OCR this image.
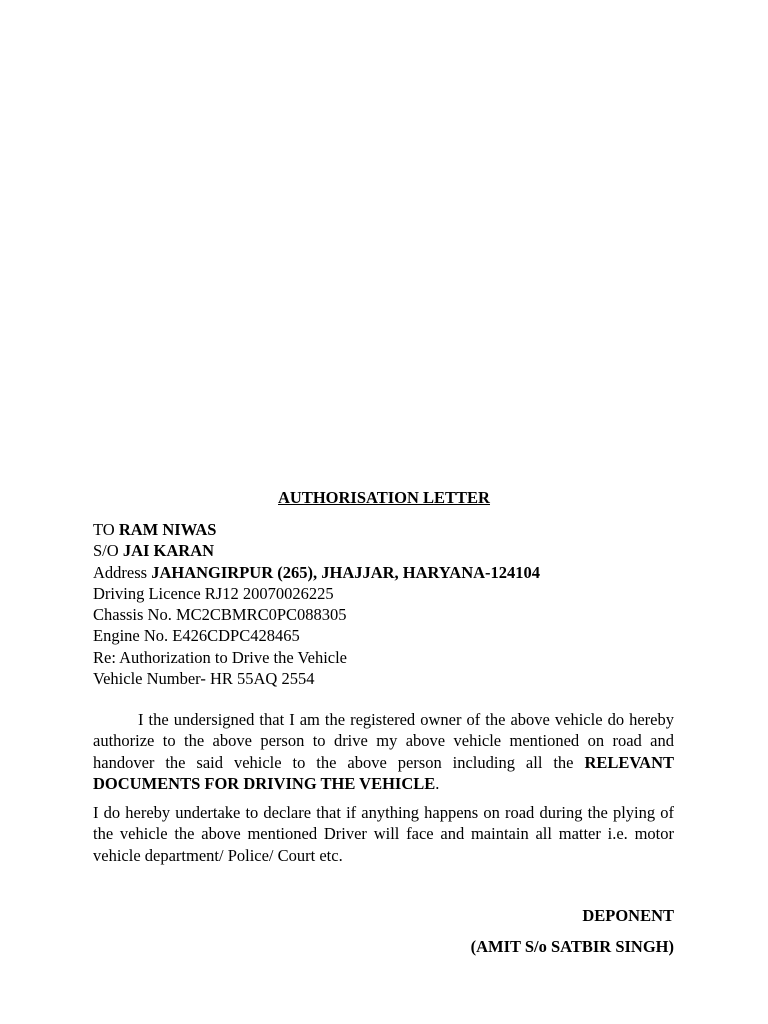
AUTHORISATION LETTER
TO RAM NIWAS
S/O JAI KARAN
Address JAHANGIRPUR (265), JHAJJAR, HARYANA-124104
Driving Licence RJ12 20070026225
Chassis No. MC2CBMRC0PC088305
Engine No. E426CDPC428465
Re: Authorization to Drive the Vehicle
Vehicle Number- HR 55AQ 2554
I the undersigned that I am the registered owner of the above vehicle do hereby authorize to the above person to drive my above vehicle mentioned on road and handover the said vehicle to the above person including all the RELEVANT DOCUMENTS FOR DRIVING THE VEHICLE.
I do hereby undertake to declare that if anything happens on road during the plying of the vehicle the above mentioned Driver will face and maintain all matter i.e. motor vehicle department/ Police/ Court etc.
DEPONENT
(AMIT S/o SATBIR SINGH)
